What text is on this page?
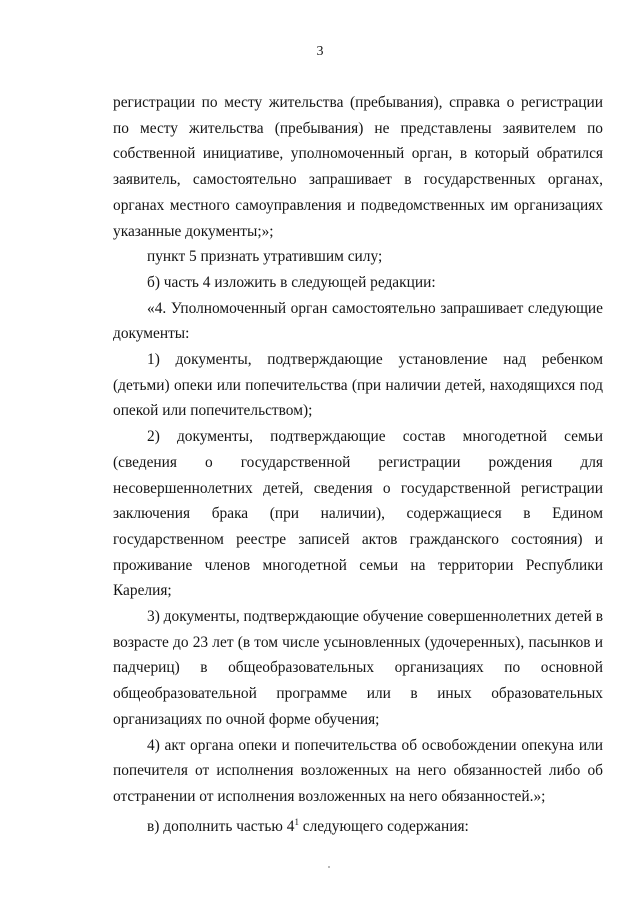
3

регистрации по месту жительства (пребывания), справка о регистрации по месту жительства (пребывания) не представлены заявителем по собственной инициативе, уполномоченный орган, в который обратился заявитель, самостоятельно запрашивает в государственных органах, органах местного самоуправления и подведомственных им организациях указанные документы;»;

пункт 5 признать утратившим силу;

б) часть 4 изложить в следующей редакции:

«4. Уполномоченный орган самостоятельно запрашивает следующие документы:

1) документы, подтверждающие установление над ребенком (детьми) опеки или попечительства (при наличии детей, находящихся под опекой или попечительством);

2) документы, подтверждающие состав многодетной семьи (сведения о государственной регистрации рождения для несовершеннолетних детей, сведения о государственной регистрации заключения брака (при наличии), содержащиеся в Едином государственном реестре записей актов гражданского состояния) и проживание членов многодетной семьи на территории Республики Карелия;

3) документы, подтверждающие обучение совершеннолетних детей в возрасте до 23 лет (в том числе усыновленных (удочеренных), пасынков и падчериц) в общеобразовательных организациях по основной общеобразовательной программе или в иных образовательных организациях по очной форме обучения;

4) акт органа опеки и попечительства об освобождении опекуна или попечителя от исполнения возложенных на него обязанностей либо об отстранении от исполнения возложенных на него обязанностей.»;

в) дополнить частью $4^1$ следующего содержания:
